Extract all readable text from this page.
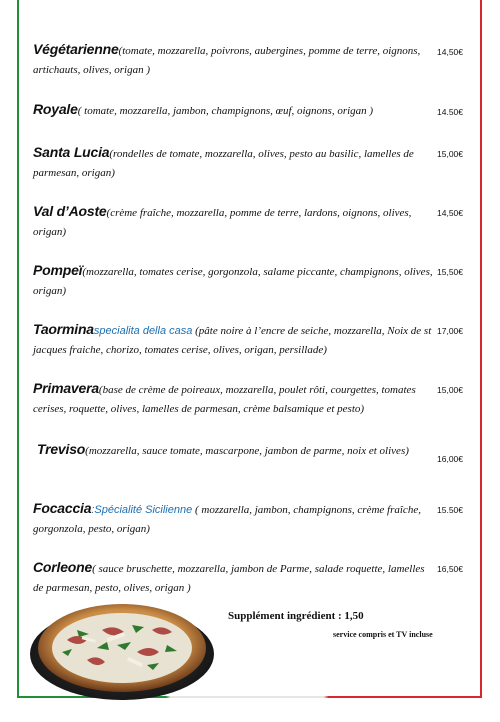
Végétarienne(tomate, mozzarella, poivrons, aubergines, pomme de terre, oignons, artichauts, olives, origan )
14,50€
Royale( tomate, mozzarella, jambon, champignons, œuf, oignons, origan )	14.50€
Santa Lucia(rondelles de tomate, mozzarella, olives, pesto au basilic, lamelles de parmesan, origan)
15,00€
Val d’Aoste(crème fraîche, mozzarella, pomme de terre, lardons, oignons, olives, origan)
14,50€
Pompeï(mozzarella, tomates cerise, gorgonzola, salame piccante, champignons, olives, origan)
15,50€
Taorminaspecialita della casa (pâte noire à l’encre de seiche, mozzarella, Noix de st jacques fraiche, chorizo, tomates cerise, olives, origan, persillade)
17,00€
Primavera(base de crème de poireaux, mozzarella, poulet rôti, courgettes, tomates cerises, roquette, olives, lamelles de parmesan, crème balsamique et pesto)
15,00€
Treviso(mozzarella, sauce tomate, mascarpone, jambon de parme, noix et olives)
16,00€
Focaccia:Spécialité Sicilienne ( mozzarella, jambon, champignons, crème fraîche, gorgonzola, pesto, origan)
15.50€
Corleone( sauce bruschette, mozzarella, jambon de Parme, salade roquette, lamelles de parmesan, pesto, olives, origan )
16,50€
Supplément ingrédient : 1,50
service compris et TV incluse
